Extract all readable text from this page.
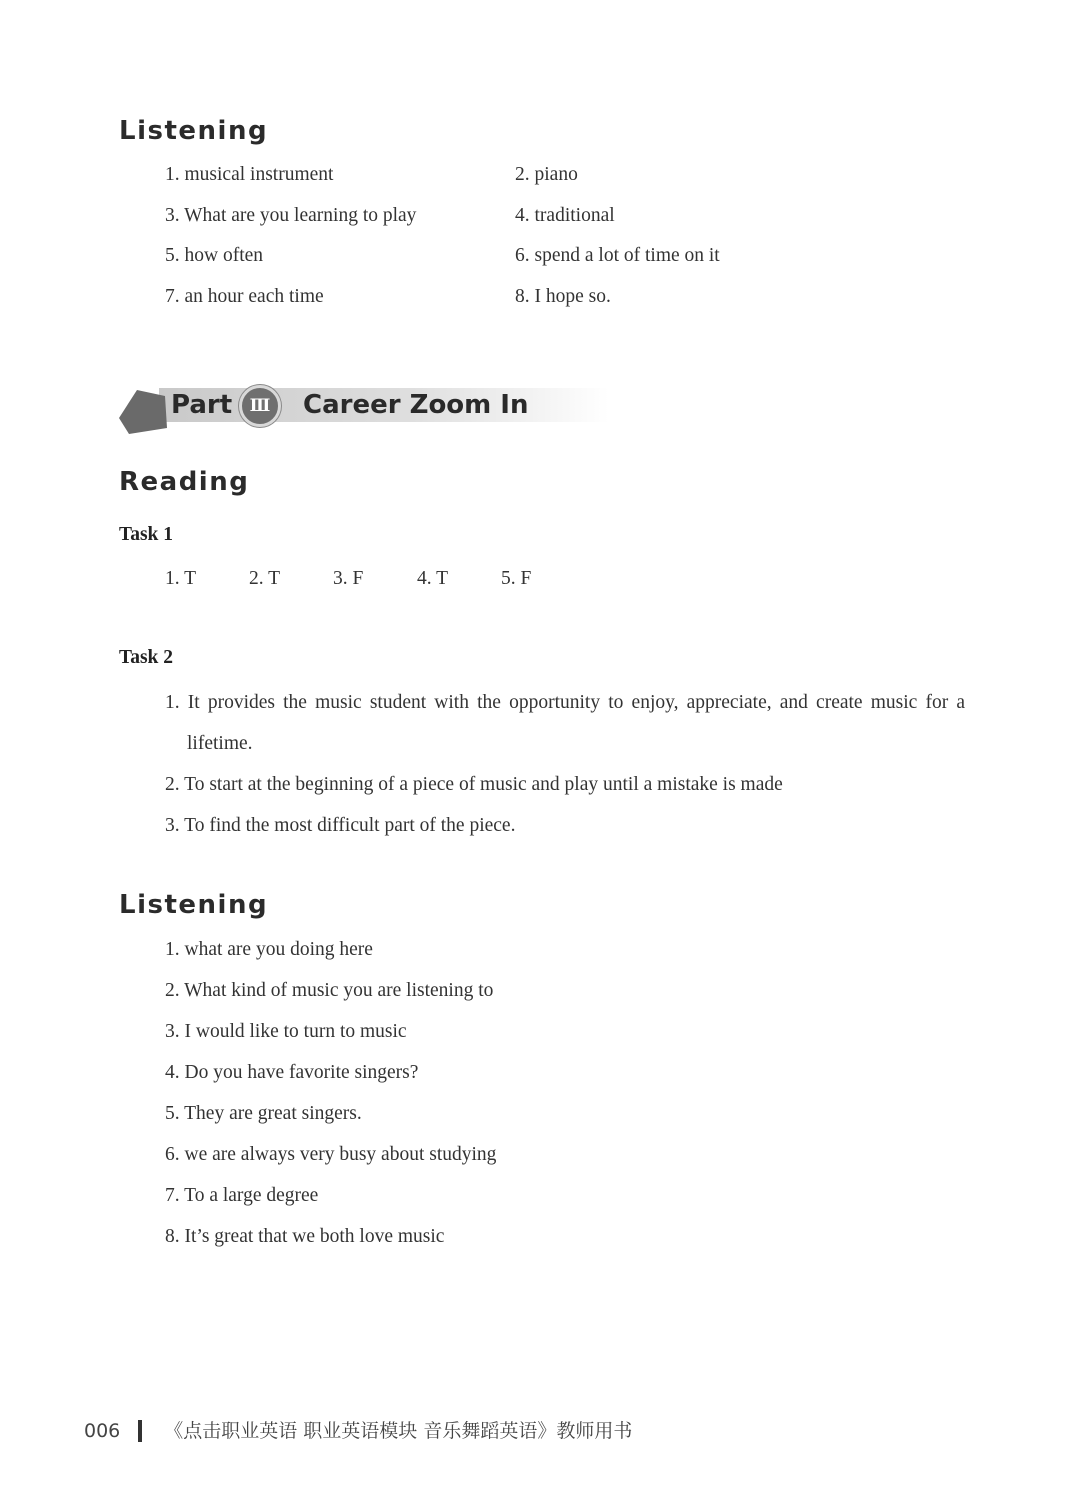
Listening
1. musical instrument	2. piano
3. What are you learning to play	4. traditional
5. how often	6. spend a lot of time on it
7. an hour each time	8. I hope so.
Part	Ⅲ	Career Zoom In
Reading
Task 1
1. T	2. T	3. F	4. T	5. F
Task 2
1. It provides the music student with the opportunity to enjoy, appreciate, and create music for a lifetime.
2. To start at the beginning of a piece of music and play until a mistake is made
3. To find the most difficult part of the piece.
Listening
1. what are you doing here
2. What kind of music you are listening to
3. I would like to turn to music
4. Do you have favorite singers?
5. They are great singers.
6. we are always very busy about studying
7. To a large degree
8. It’s great that we both love music
006 《点击职业英语 职业英语模块 音乐舞蹈英语》教师用书
